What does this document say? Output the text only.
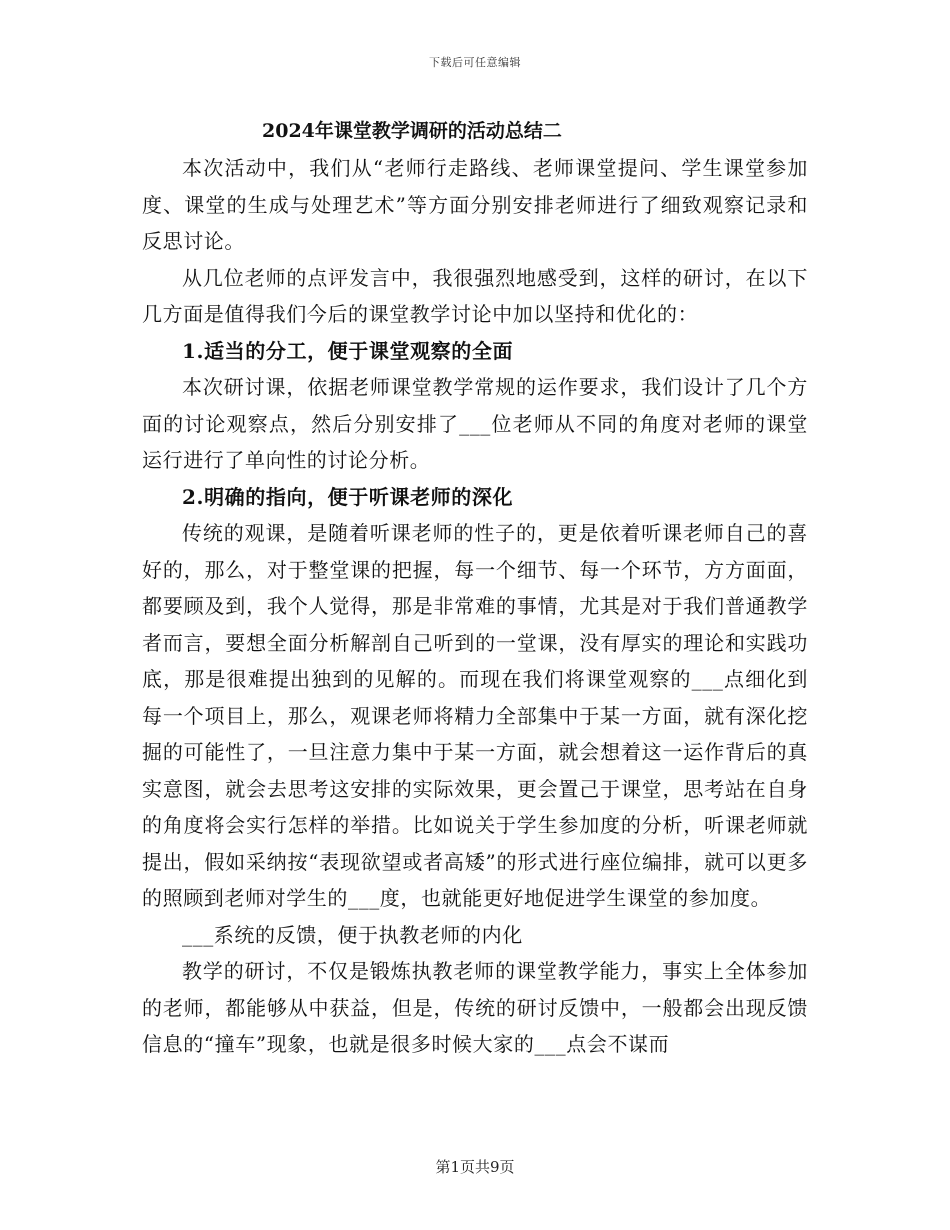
下载后可任意编辑
2024年课堂教学调研的活动总结二

本次活动中，我们从“老师行走路线、老师课堂提问、学生课堂参加度、课堂的生成与处理艺术”等方面分别安排老师进行了细致观察记录和反思讨论。

从几位老师的点评发言中，我很强烈地感受到，这样的研讨，在以下几方面是值得我们今后的课堂教学讨论中加以坚持和优化的：

1.适当的分工，便于课堂观察的全面

本次研讨课，依据老师课堂教学常规的运作要求，我们设计了几个方面的讨论观察点，然后分别安排了___位老师从不同的角度对老师的课堂运行进行了单向性的讨论分析。

2.明确的指向，便于听课老师的深化

传统的观课，是随着听课老师的性子的，更是依着听课老师自己的喜好的，那么，对于整堂课的把握，每一个细节、每一个环节，方方面面，都要顾及到，我个人觉得，那是非常难的事情，尤其是对于我们普通教学者而言，要想全面分析解剖自己听到的一堂课，没有厚实的理论和实践功底，那是很难提出独到的见解的。而现在我们将课堂观察的___点细化到每一个项目上，那么，观课老师将精力全部集中于某一方面，就有深化挖掘的可能性了，一旦注意力集中于某一方面，就会想着这一运作背后的真实意图，就会去思考这安排的实际效果，更会置己于课堂，思考站在自身的角度将会实行怎样的举措。比如说关于学生参加度的分析，听课老师就提出，假如采纳按“表现欲望或者高矮”的形式进行座位编排，就可以更多的照顾到老师对学生的___度，也就能更好地促进学生课堂的参加度。

___系统的反馈，便于执教老师的内化

教学的研讨，不仅是锻炼执教老师的课堂教学能力，事实上全体参加的老师，都能够从中获益，但是，传统的研讨反馈中，一般都会出现反馈信息的“撞车”现象，也就是很多时候大家的___点会不谋而

第1页共9页
